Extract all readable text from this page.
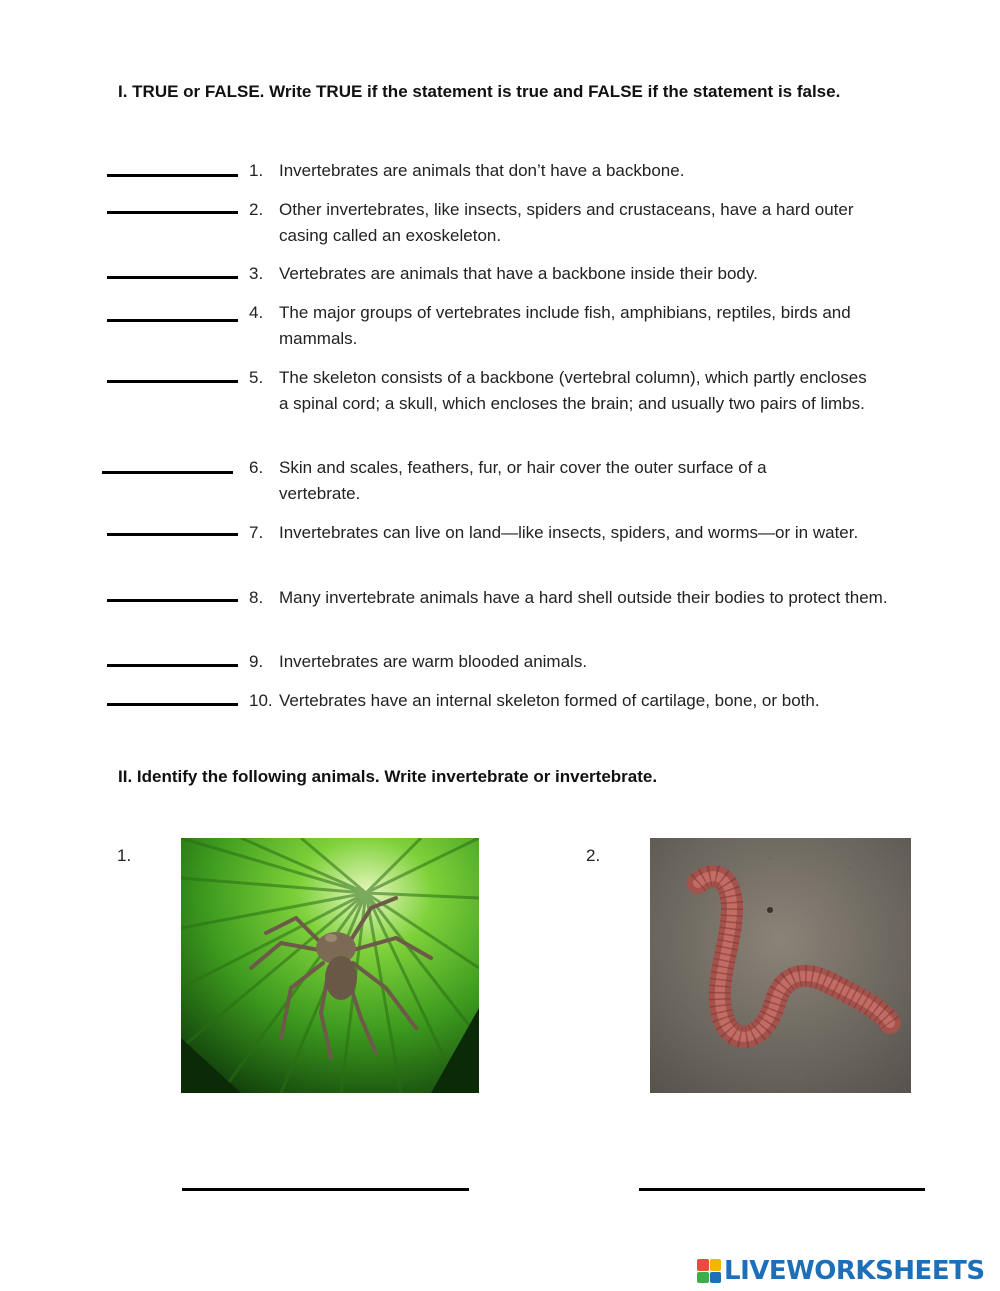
I. TRUE or FALSE. Write TRUE if the statement is true and FALSE if the statement is false.
1. Invertebrates are animals that don’t have a backbone.
2. Other invertebrates, like insects, spiders and crustaceans, have a hard outer casing called an exoskeleton.
3. Vertebrates are animals that have a backbone inside their body.
4. The major groups of vertebrates include fish, amphibians, reptiles, birds and mammals.
5. The skeleton consists of a backbone (vertebral column), which partly encloses a spinal cord; a skull, which encloses the brain; and usually two pairs of limbs.
6. Skin and scales, feathers, fur, or hair cover the outer surface of a vertebrate.
7. Invertebrates can live on land—like insects, spiders, and worms—or in water.
8. Many invertebrate animals have a hard shell outside their bodies to protect them.
9. Invertebrates are warm blooded animals.
10. Vertebrates have an internal skeleton formed of cartilage, bone, or both.
II. Identify the following animals. Write invertebrate or invertebrate.
1.	2.
LIVEWORKSHEETS
